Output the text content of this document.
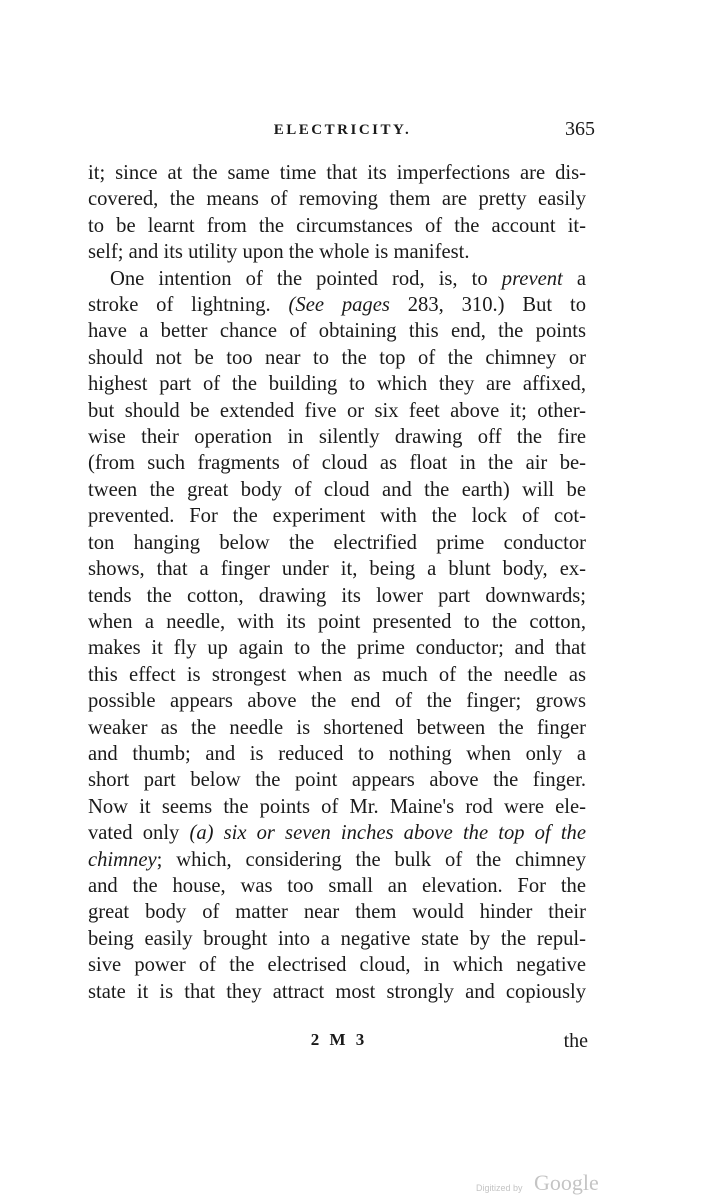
ELECTRICITY.	365
it; since at the same time that its imperfections are dis-
covered, the means of removing them are pretty easily
to be learnt from the circumstances of the account it-
self; and its utility upon the whole is manifest.
One intention of the pointed rod, is, to prevent a
stroke of lightning. (See pages 283, 310.) But to
have a better chance of obtaining this end, the points
should not be too near to the top of the chimney or
highest part of the building to which they are affixed,
but should be extended five or six feet above it; other-
wise their operation in silently drawing off the fire
(from such fragments of cloud as float in the air be-
tween the great body of cloud and the earth) will be
prevented. For the experiment with the lock of cot-
ton hanging below the electrified prime conductor
shows, that a finger under it, being a blunt body, ex-
tends the cotton, drawing its lower part downwards;
when a needle, with its point presented to the cotton,
makes it fly up again to the prime conductor; and that
this effect is strongest when as much of the needle as
possible appears above the end of the finger; grows
weaker as the needle is shortened between the finger
and thumb; and is reduced to nothing when only a
short part below the point appears above the finger.
Now it seems the points of Mr. Maine's rod were ele-
vated only (a) six or seven inches above the top of the
chimney; which, considering the bulk of the chimney
and the house, was too small an elevation. For the
great body of matter near them would hinder their
being easily brought into a negative state by the repul-
sive power of the electrised cloud, in which negative
state it is that they attract most strongly and copiously
2 M 3	the
Digitized by Google
